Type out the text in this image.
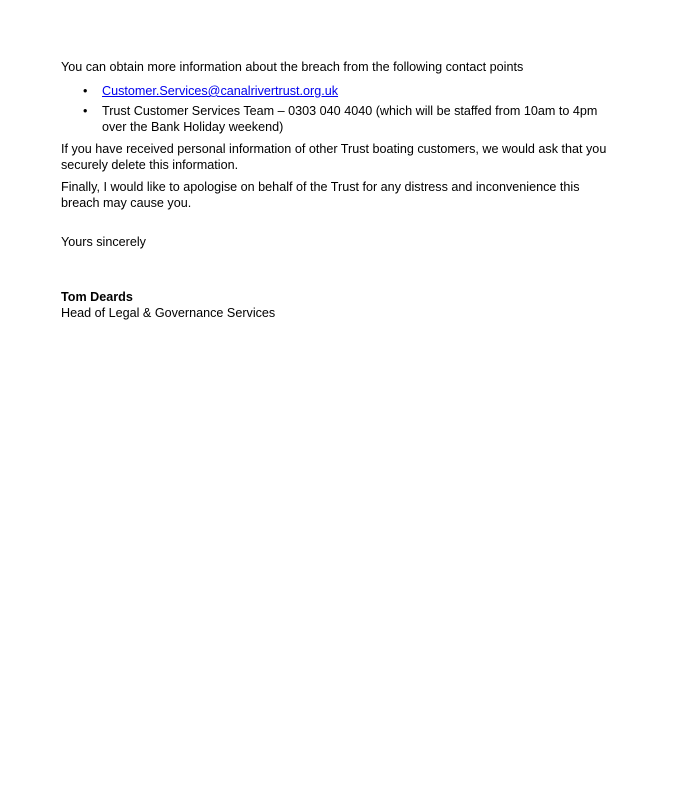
You can obtain more information about the breach from the following contact points

• Customer.Services@canalrivertrust.org.uk
• Trust Customer Services Team – 0303 040 4040 (which will be staffed from 10am to 4pm over the Bank Holiday weekend)

If you have received personal information of other Trust boating customers, we would ask that you securely delete this information.

Finally, I would like to apologise on behalf of the Trust for any distress and inconvenience this breach may cause you.

Yours sincerely

Tom Deards

Head of Legal & Governance Services
